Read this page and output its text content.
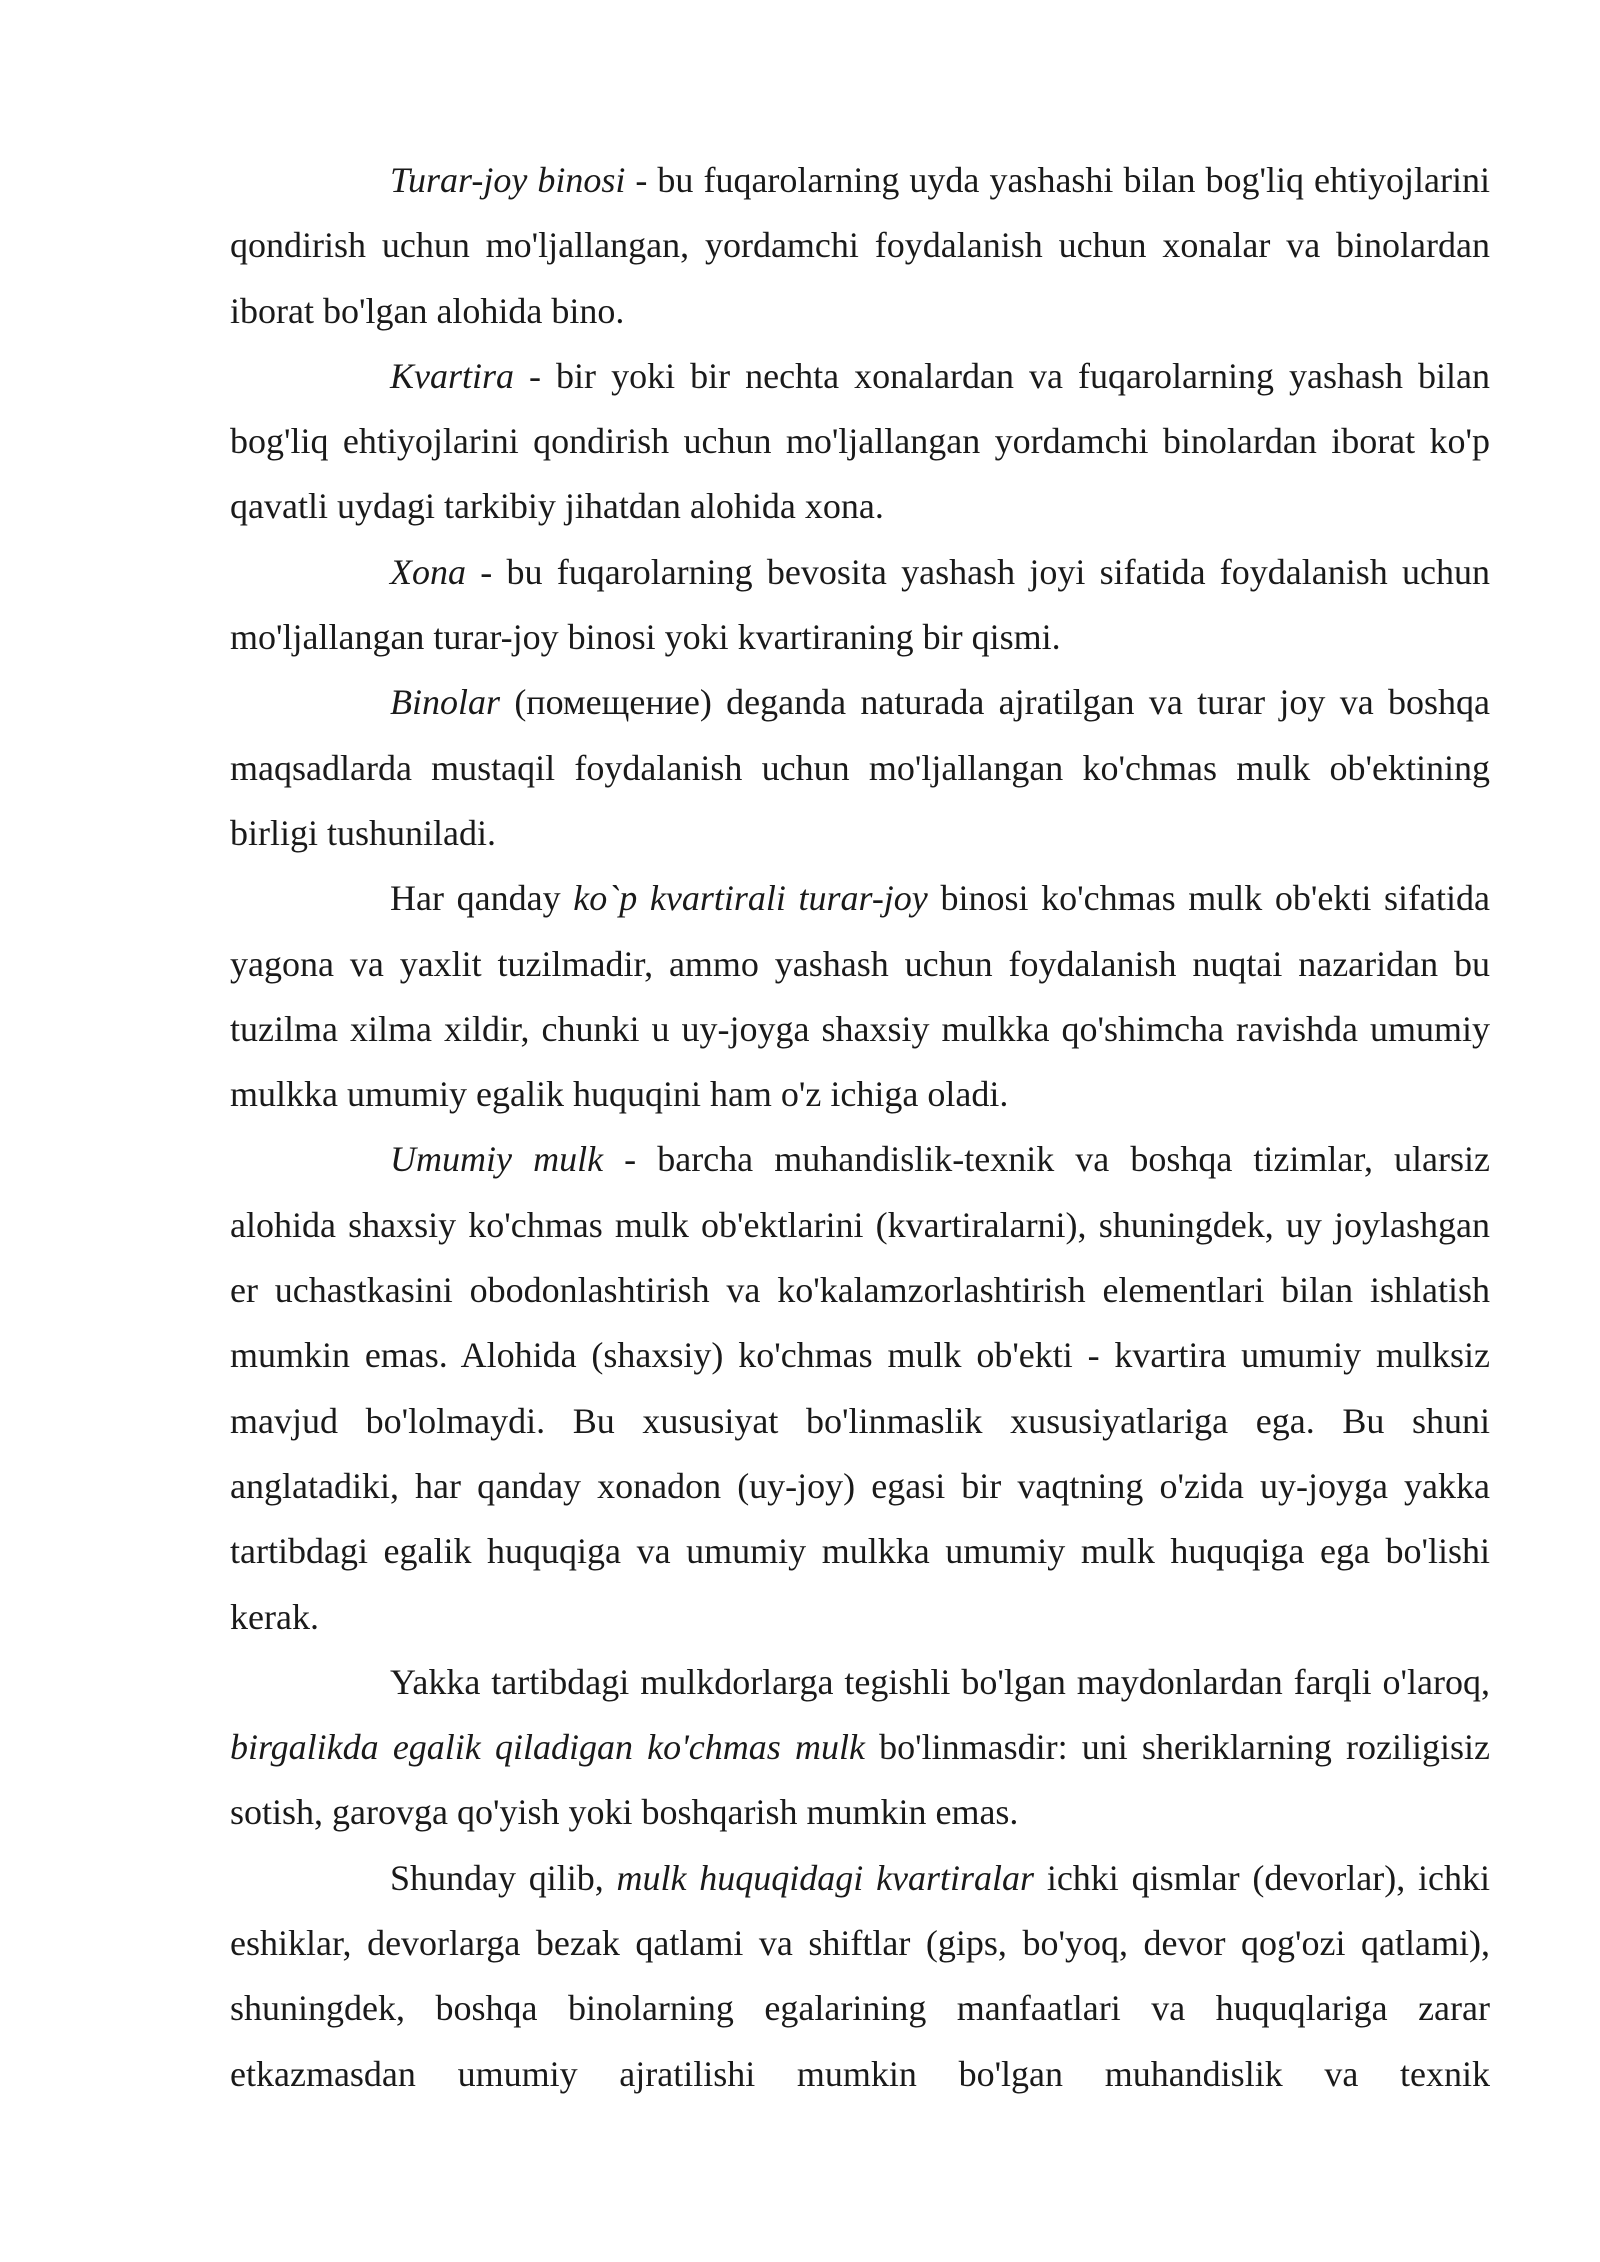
Turar-joy binosi - bu fuqarolarning uyda yashashi bilan bog'liq ehtiyojlarini qondirish uchun mo'ljallangan, yordamchi foydalanish uchun xonalar va binolardan iborat bo'lgan alohida bino.

Kvartira - bir yoki bir nechta xonalardan va fuqarolarning yashash bilan bog'liq ehtiyojlarini qondirish uchun mo'ljallangan yordamchi binolardan iborat ko'p qavatli uydagi tarkibiy jihatdan alohida xona.

Xona - bu fuqarolarning bevosita yashash joyi sifatida foydalanish uchun mo'ljallangan turar-joy binosi yoki kvartiraning bir qismi.

Binolar (помещение) deganda naturada ajratilgan va turar joy va boshqa maqsadlarda mustaqil foydalanish uchun mo'ljallangan ko'chmas mulk ob'ektining birligi tushuniladi.

Har qanday ko`p kvartirali turar-joy binosi ko'chmas mulk ob'ekti sifatida yagona va yaxlit tuzilmadir, ammo yashash uchun foydalanish nuqtai nazaridan bu tuzilma xilma xildir, chunki u uy-joyga shaxsiy mulkka qo'shimcha ravishda umumiy mulkka umumiy egalik huquqini ham o'z ichiga oladi.

Umumiy mulk - barcha muhandislik-texnik va boshqa tizimlar, ularsiz alohida shaxsiy ko'chmas mulk ob'ektlarini (kvartiralarni), shuningdek, uy joylashgan er uchastkasini obodonlashtirish va ko'kalamzorlashtirish elementlari bilan ishlatish mumkin emas. Alohida (shaxsiy) ko'chmas mulk ob'ekti - kvartira umumiy mulksiz mavjud bo'lolmaydi. Bu xususiyat bo'linmaslik xususiyatlariga ega. Bu shuni anglatadiki, har qanday xonadon (uy-joy) egasi bir vaqtning o'zida uy-joyga yakka tartibdagi egalik huquqiga va umumiy mulkka umumiy mulk huquqiga ega bo'lishi kerak.

Yakka tartibdagi mulkdorlarga tegishli bo'lgan maydonlardan farqli o'laroq, birgalikda egalik qiladigan ko'chmas mulk bo'linmasdir: uni sheriklarning roziligisiz sotish, garovga qo'yish yoki boshqarish mumkin emas.

Shunday qilib, mulk huquqidagi kvartiralar ichki qismlar (devorlar), ichki eshiklar, devorlarga bezak qatlami va shiftlar (gips, bo'yoq, devor qog'ozi qatlami), shuningdek, boshqa binolarning egalarining manfaatlari va huquqlariga zarar etkazmasdan umumiy ajratilishi mumkin bo'lgan muhandislik va texnik
